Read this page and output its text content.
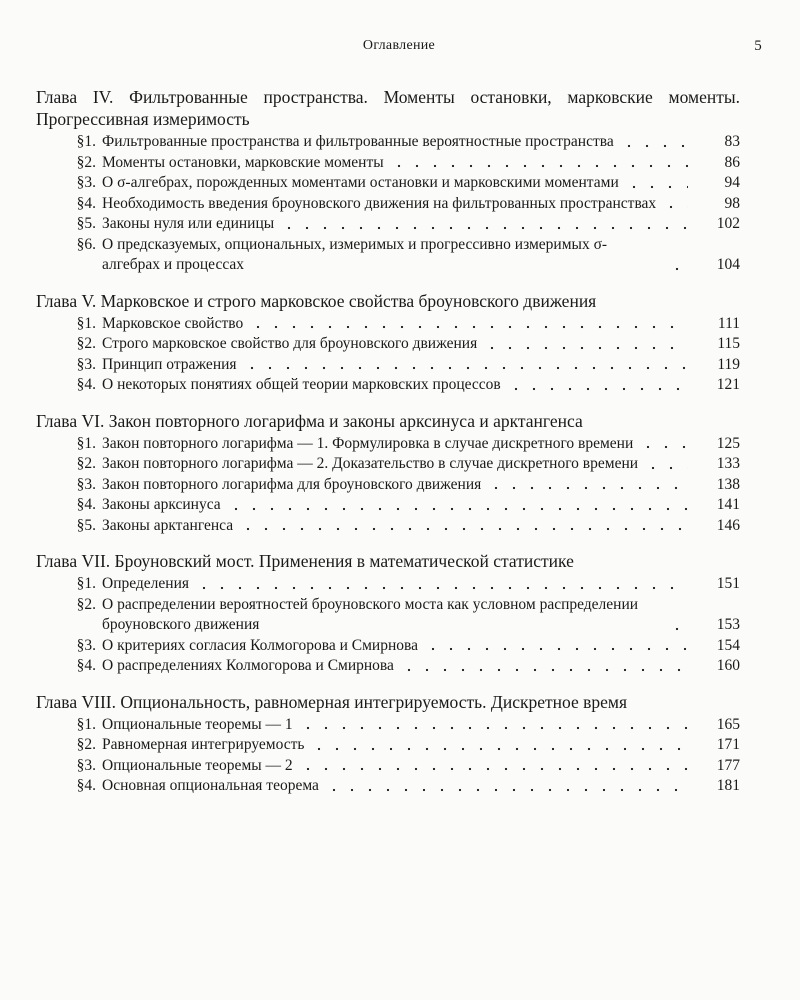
Оглавление	5

Глава IV. Фильтрованные пространства. Моменты остановки, марковские моменты. Прогрессивная измеримость

§1. Фильтрованные пространства и фильтрованные вероятностные пространства	83
§2. Моменты остановки, марковские моменты	86
§3. О σ-алгебрах, порожденных моментами остановки и марковскими моментами	94
§4. Необходимость введения броуновского движения на фильтрованных пространствах	98
§5. Законы нуля или единицы	102
§6. О предсказуемых, опциональных, измеримых и прогрессивно измеримых σ-алгебрах и процессах	104

Глава V. Марковское и строго марковское свойства броуновского движения

§1. Марковское свойство	111
§2. Строго марковское свойство для броуновского движения	115
§3. Принцип отражения	119
§4. О некоторых понятиях общей теории марковских процессов	121

Глава VI. Закон повторного логарифма и законы арксинуса и арктангенса

§1. Закон повторного логарифма — 1. Формулировка в случае дискретного времени	125
§2. Закон повторного логарифма — 2. Доказательство в случае дискретного времени	133
§3. Закон повторного логарифма для броуновского движения	138
§4. Законы арксинуса	141
§5. Законы арктангенса	146

Глава VII. Броуновский мост. Применения в математической статистике

§1. Определения	151
§2. О распределении вероятностей броуновского моста как условном распределении броуновского движения	153
§3. О критериях согласия Колмогорова и Смирнова	154
§4. О распределениях Колмогорова и Смирнова	160

Глава VIII. Опциональность, равномерная интегрируемость. Дискретное время

§1. Опциональные теоремы — 1	165
§2. Равномерная интегрируемость	171
§3. Опциональные теоремы — 2	177
§4. Основная опциональная теорема	181
